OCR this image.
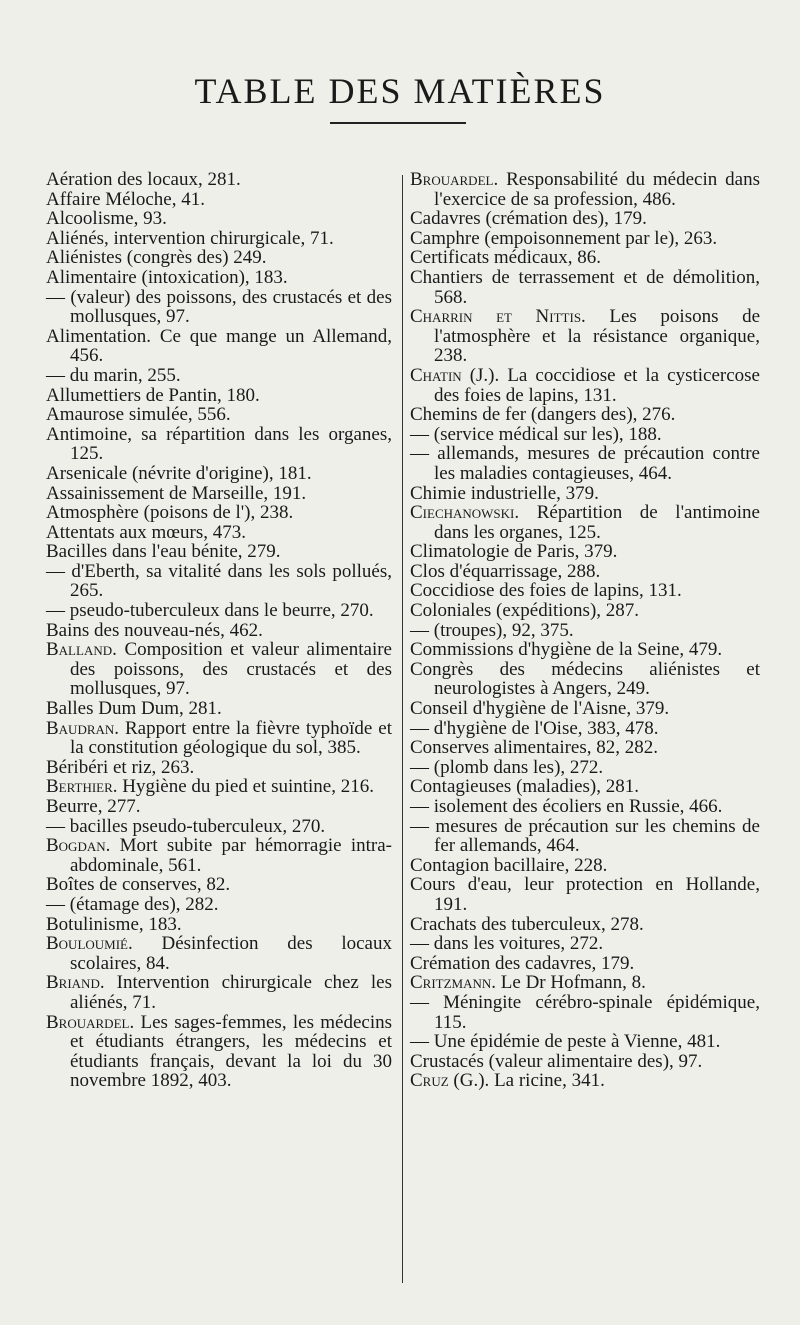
TABLE DES MATIÈRES
Aération des locaux, 281.
Affaire Méloche, 41.
Alcoolisme, 93.
Aliénés, intervention chirurgicale, 71.
Aliénistes (congrès des) 249.
Alimentaire (intoxication), 183.
— (valeur) des poissons, des crustacés et des mollusques, 97.
Alimentation. Ce que mange un Allemand, 456.
— du marin, 255.
Allumettiers de Pantin, 180.
Amaurose simulée, 556.
Antimoine, sa répartition dans les organes, 125.
Arsenicale (névrite d'origine), 181.
Assainissement de Marseille, 191.
Atmosphère (poisons de l'), 238.
Attentats aux mœurs, 473.
Bacilles dans l'eau bénite, 279.
— d'Eberth, sa vitalité dans les sols pollués, 265.
— pseudo-tuberculeux dans le beurre, 270.
Bains des nouveau-nés, 462.
Balland. Composition et valeur alimentaire des poissons, des crustacés et des mollusques, 97.
Balles Dum Dum, 281.
Baudran. Rapport entre la fièvre typhoïde et la constitution géologique du sol, 385.
Béribéri et riz, 263.
Berthier. Hygiène du pied et suintine, 216.
Beurre, 277.
— bacilles pseudo-tuberculeux, 270.
Bogdan. Mort subite par hémorragie intra-abdominale, 561.
Boîtes de conserves, 82.
— (étamage des), 282.
Botulinisme, 183.
Bouloumié. Désinfection des locaux scolaires, 84.
Briand. Intervention chirurgicale chez les aliénés, 71.
Brouardel. Les sages-femmes, les médecins et étudiants étrangers, les médecins et étudiants français, devant la loi du 30 novembre 1892, 403.
Brouardel. Responsabilité du médecin dans l'exercice de sa profession, 486.
Cadavres (crémation des), 179.
Camphre (empoisonnement par le), 263.
Certificats médicaux, 86.
Chantiers de terrassement et de démolition, 568.
Charrin et Nittis. Les poisons de l'atmosphère et la résistance organique, 238.
Chatin (J.). La coccidiose et la cysticercose des foies de lapins, 131.
Chemins de fer (dangers des), 276.
— (service médical sur les), 188.
— allemands, mesures de précaution contre les maladies contagieuses, 464.
Chimie industrielle, 379.
Ciechanowski. Répartition de l'antimoine dans les organes, 125.
Climatologie de Paris, 379.
Clos d'équarrissage, 288.
Coccidiose des foies de lapins, 131.
Coloniales (expéditions), 287.
— (troupes), 92, 375.
Commissions d'hygiène de la Seine, 479.
Congrès des médecins aliénistes et neurologistes à Angers, 249.
Conseil d'hygiène de l'Aisne, 379.
— d'hygiène de l'Oise, 383, 478.
Conserves alimentaires, 82, 282.
— (plomb dans les), 272.
Contagieuses (maladies), 281.
— isolement des écoliers en Russie, 466.
— mesures de précaution sur les chemins de fer allemands, 464.
Contagion bacillaire, 228.
Cours d'eau, leur protection en Hollande, 191.
Crachats des tuberculeux, 278.
— dans les voitures, 272.
Crémation des cadavres, 179.
Critzmann. Le Dr Hofmann, 8.
— Méningite cérébro-spinale épidémique, 115.
— Une épidémie de peste à Vienne, 481.
Crustacés (valeur alimentaire des), 97.
Cruz (G.). La ricine, 341.
